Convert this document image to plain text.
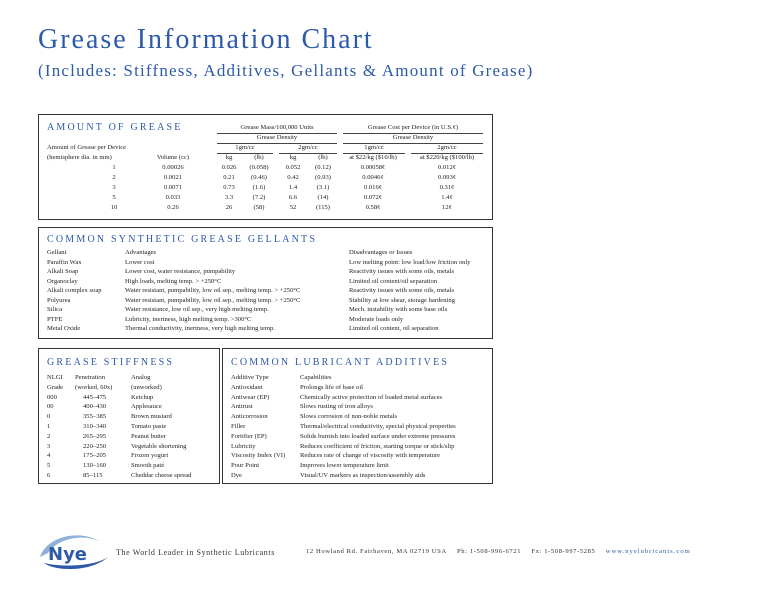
Grease Information Chart
(Includes: Stiffness, Additives, Gellants & Amount of Grease)
AMOUNT OF GREASE	Grease Mass/100,000 Units	Grease Cost per Device (in U.S.¢)
Grease Density	Grease Density
1gm/cc	2gm/cc	1gm/cc	2gm/cc
Amount of Grease per Device
(hemisphere dia. in mm)	Volume (cc)	kg	(lb)	kg	(lb)	at $22/kg ($10/lb)	at $220/kg ($100/lb)
1	0.00026	0.026	(0.058)	0.052	(0.12)	0.00058¢	0.012¢
2	0.0021	0.21	(0.46)	0.42	(0.93)	0.0046¢	0.093¢
3	0.0071	0.73	(1.6)	1.4	(3.1)	0.016¢	0.31¢
5	0.033	3.3	(7.2)	6.6	(14)	0.072¢	1.4¢
10	0.26	26	(58)	52	(115)	0.58¢	12¢
COMMON SYNTHETIC GREASE GELLANTS
Gellant	Advantages	Disadvantages or Issues
Paraffin Wax	Lower cost	Low melting point: low load/low friction only
Alkali Soap	Lower cost, water resistance, pumpability	Reactivity issues with some oils, metals
Organoclay	High loads, melting temp. > +250°C	Limited oil content/oil separation
Alkali complex soap	Water resistant, pumpability, low oil sep., melting temp. > +250°C	Reactivity issues with some oils, metals
Polyurea	Water resistant, pumpability, low oil sep., melting temp. > +250°C	Stability at low shear, storage hardening
Silica	Water resistance, low oil sep., very high melting temp.	Mech. instability with some base oils
PTFE	Lubricity, inertness, high melting temp. >300°C	Moderate loads only
Metal Oxide	Thermal conductivity, inertness, very high melting temp.	Limited oil content, oil separation
GREASE STIFFNESS
NLGI	Penetration	Analog
Grade	(worked, 60x)	(unworked)
000	445–475	Ketchup
00	400–430	Applesauce
0	355–385	Brown mustard
1	310–340	Tomato paste
2	265–295	Peanut butter
3	220–250	Vegetable shortening
4	175–205	Frozen yogurt
5	130–160	Smooth paté
6	85–115	Cheddar cheese spread
COMMON LUBRICANT ADDITIVES
Additive Type	Capabilities
Antioxidant	Prolongs life of base oil
Antiwear (EP)	Chemically active protection of loaded metal surfaces
Antirust	Slows rusting of iron alloys
Anticorrosion	Slows corrosion of non-noble metals
Filler	Thermal/electrical conductivity, special physical properties
Fortifier (EP)	Solids burnish into loaded surface under extreme pressures
Lubricity	Reduces coefficient of friction, starting torque or stick/slip
Viscosity Index (VI)	Reduces rate of change of viscosity with temperature
Pour Point	Improves lower temperature limit
Dye	Visual/UV markers as inspection/assembly aids
Nye	The World Leader in Synthetic Lubricants	12 Howland Rd. Fairhaven, MA 02719 USA Ph: 1-508-996-6721 Fx: 1-508-997-5285 www.nyelubricants.com
